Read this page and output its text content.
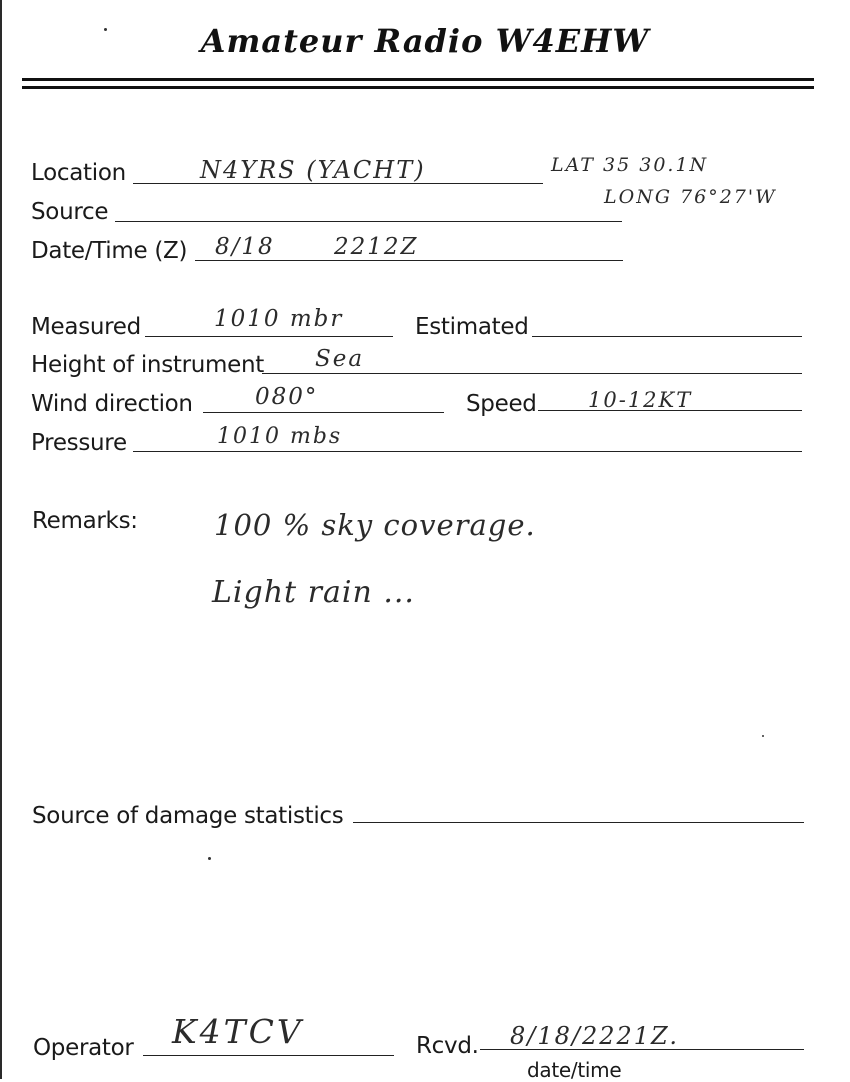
Amateur Radio W4EHW
Location	N4YRS (YACHT)	LAT 35 30.1N
Source
LONG 76°27'W
Date/Time (Z) 8/18 2212Z
Measured	1010 mbr	Estimated
Height of instrument Sea
Wind direction	080°	Speed 10-12KT
Pressure	1010 mbs
Remarks:	100 % sky coverage.
Light rain ...
Source of damage statistics
Operator K4TCV	Rcvd. 8/18/2221Z.
date/time
